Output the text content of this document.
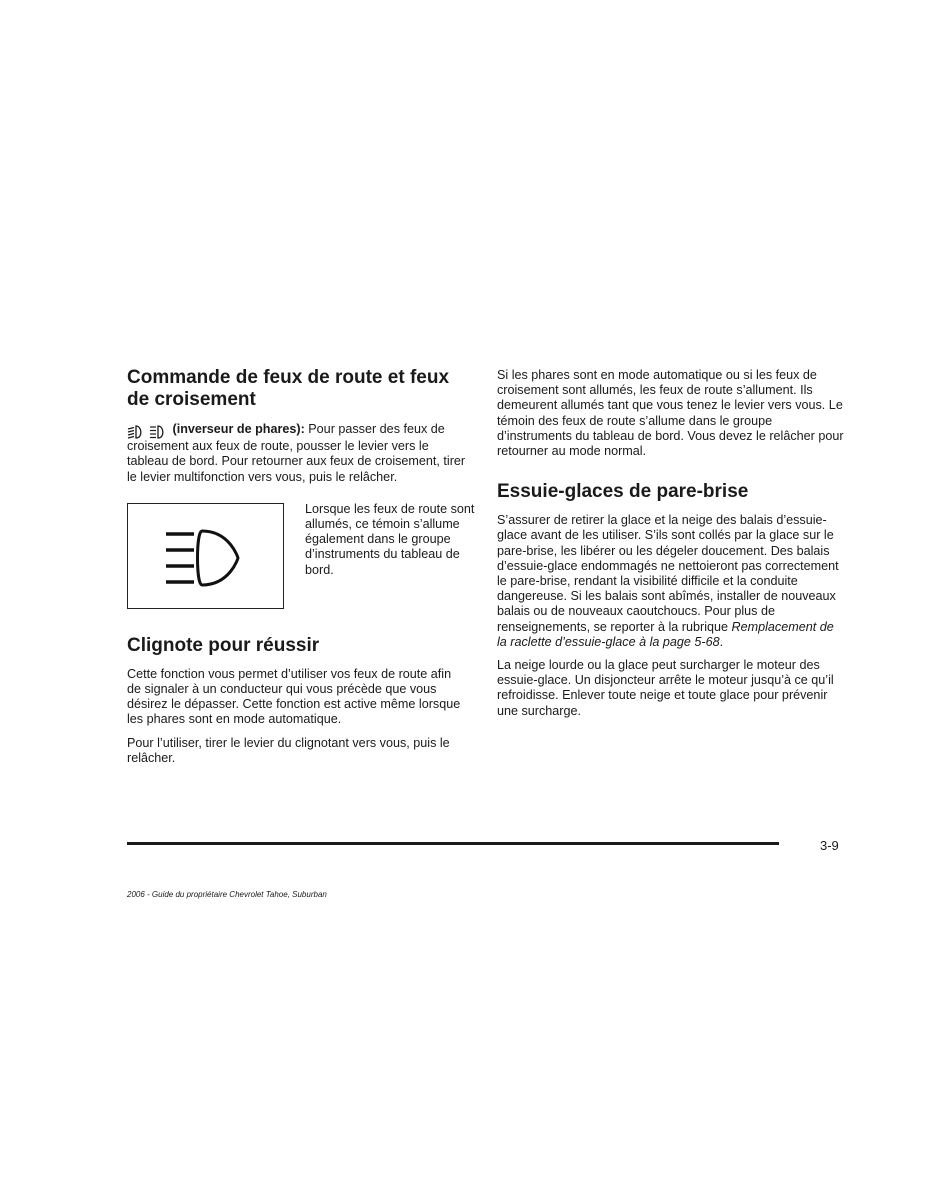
Commande de feux de route et feux de croisement

(inverseur de phares): Pour passer des feux de croisement aux feux de route, pousser le levier vers le tableau de bord. Pour retourner aux feux de croisement, tirer le levier multifonction vers vous, puis le relâcher.

Lorsque les feux de route sont allumés, ce témoin s’allume également dans le groupe d’instruments du tableau de bord.

Clignote pour réussir

Cette fonction vous permet d’utiliser vos feux de route afin de signaler à un conducteur qui vous précède que vous désirez le dépasser. Cette fonction est active même lorsque les phares sont en mode automatique.

Pour l’utiliser, tirer le levier du clignotant vers vous, puis le relâcher.

Si les phares sont en mode automatique ou si les feux de croisement sont allumés, les feux de route s’allument. Ils demeurent allumés tant que vous tenez le levier vers vous. Le témoin des feux de route s’allume dans le groupe d’instruments du tableau de bord. Vous devez le relâcher pour retourner au mode normal.

Essuie-glaces de pare-brise

S’assurer de retirer la glace et la neige des balais d’essuie-glace avant de les utiliser. S’ils sont collés par la glace sur le pare-brise, les libérer ou les dégeler doucement. Des balais d’essuie-glace endommagés ne nettoieront pas correctement le pare-brise, rendant la visibilité difficile et la conduite dangereuse. Si les balais sont abîmés, installer de nouveaux balais ou de nouveaux caoutchoucs. Pour plus de renseignements, se reporter à la rubrique Remplacement de la raclette d’essuie-glace à la page 5-68.

La neige lourde ou la glace peut surcharger le moteur des essuie-glace. Un disjoncteur arrête le moteur jusqu’à ce qu’il refroidisse. Enlever toute neige et toute glace pour prévenir une surcharge.

3-9
2006 - Guide du propriétaire Chevrolet Tahoe, Suburban
